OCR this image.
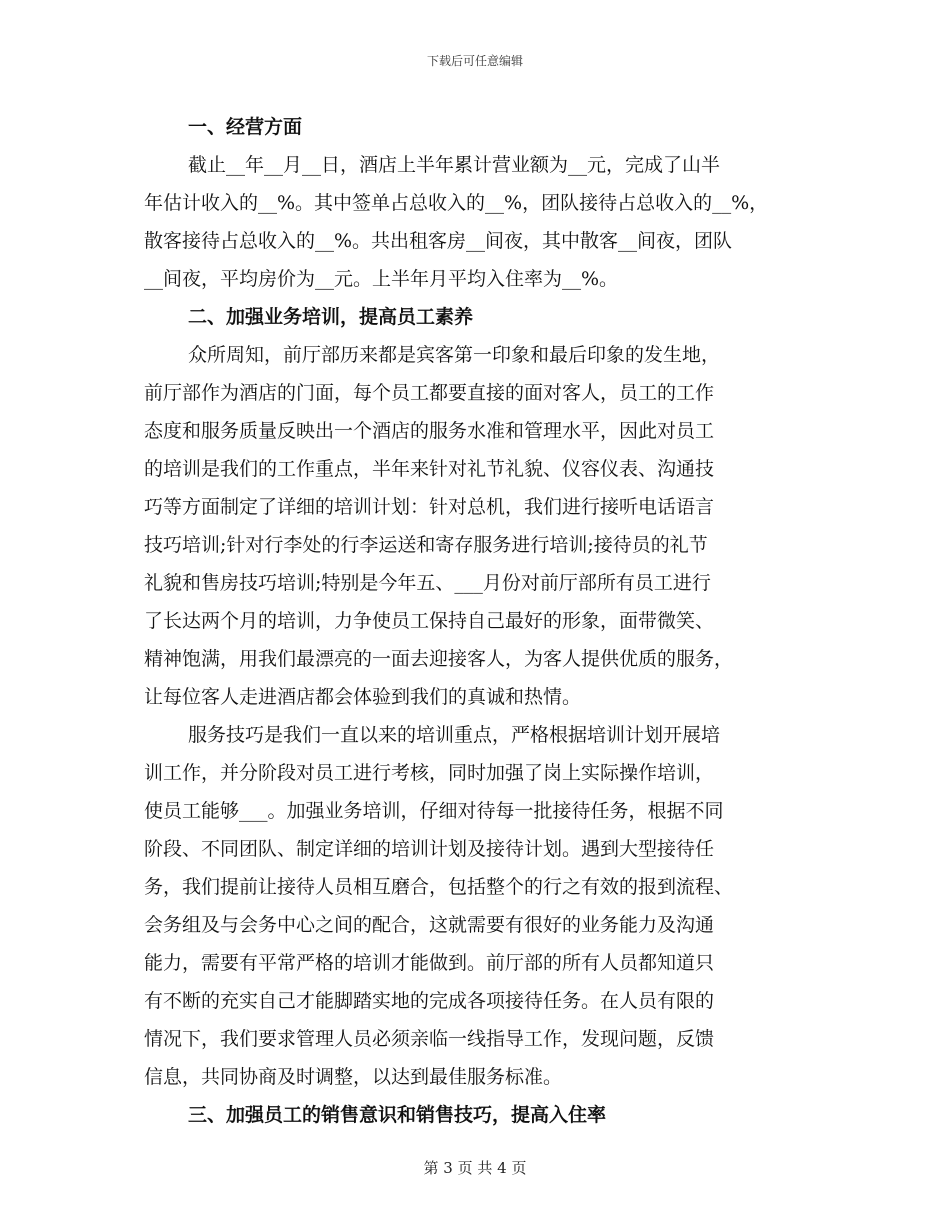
下载后可任意编辑
一、经营方面
截止__年__月__日，酒店上半年累计营业额为__元，完成了山半
年估计收入的__%。其中签单占总收入的__%，团队接待占总收入的__%，
散客接待占总收入的__%。共出租客房__间夜，其中散客__间夜，团队
__间夜，平均房价为__元。上半年月平均入住率为__%。
二、加强业务培训，提高员工素养
众所周知，前厅部历来都是宾客第一印象和最后印象的发生地，
前厅部作为酒店的门面，每个员工都要直接的面对客人，员工的工作
态度和服务质量反映出一个酒店的服务水准和管理水平，因此对员工
的培训是我们的工作重点，半年来针对礼节礼貌、仪容仪表、沟通技
巧等方面制定了详细的培训计划：针对总机，我们进行接听电话语言
技巧培训;针对行李处的行李运送和寄存服务进行培训;接待员的礼节
礼貌和售房技巧培训;特别是今年五、___月份对前厅部所有员工进行
了长达两个月的培训，力争使员工保持自己最好的形象，面带微笑、
精神饱满，用我们最漂亮的一面去迎接客人，为客人提供优质的服务，
让每位客人走进酒店都会体验到我们的真诚和热情。
服务技巧是我们一直以来的培训重点，严格根据培训计划开展培
训工作，并分阶段对员工进行考核，同时加强了岗上实际操作培训，
使员工能够___。加强业务培训，仔细对待每一批接待任务，根据不同
阶段、不同团队、制定详细的培训计划及接待计划。遇到大型接待任
务，我们提前让接待人员相互磨合，包括整个的行之有效的报到流程、
会务组及与会务中心之间的配合，这就需要有很好的业务能力及沟通
能力，需要有平常严格的培训才能做到。前厅部的所有人员都知道只
有不断的充实自己才能脚踏实地的完成各项接待任务。在人员有限的
情况下，我们要求管理人员必须亲临一线指导工作，发现问题，反馈
信息，共同协商及时调整，以达到最佳服务标准。
三、加强员工的销售意识和销售技巧，提高入住率
第 3 页 共 4 页
